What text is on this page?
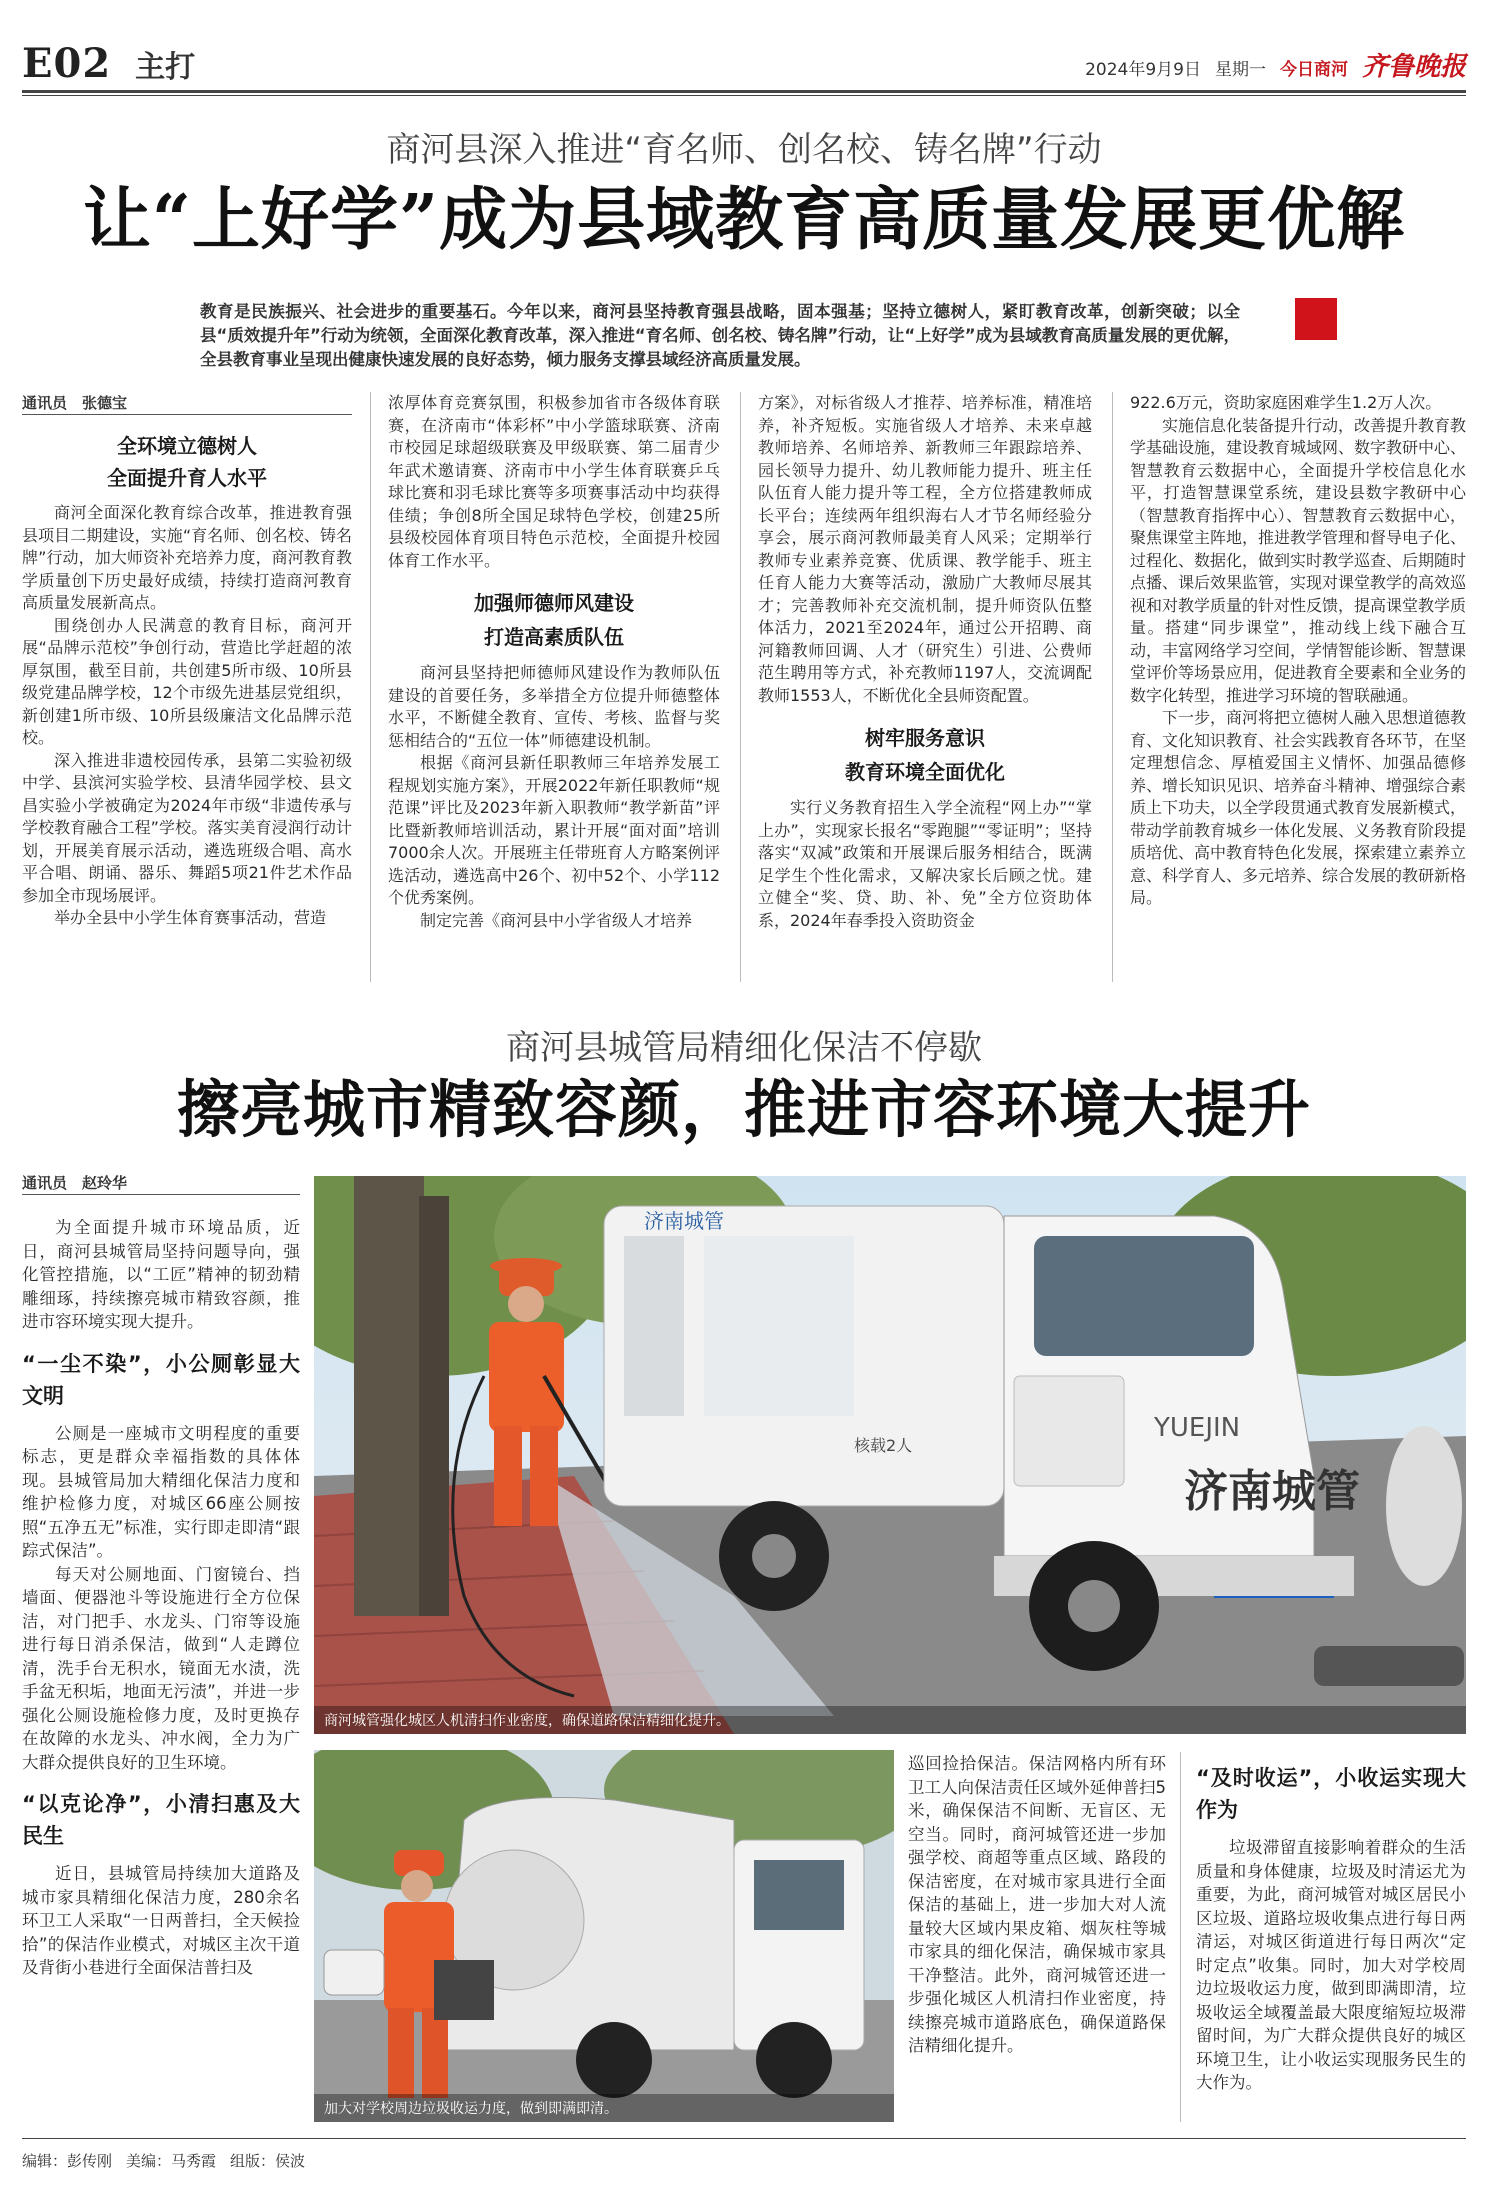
E02 主打	2024年9月9日 星期一 今日商河 齐鲁晚报
商河县深入推进“育名师、创名校、铸名牌”行动
让“上好学”成为县域教育高质量发展更优解
教育是民族振兴、社会进步的重要基石。今年以来，商河县坚持教育强县战略，固本强基；坚持立德树人，紧盯教育改革，创新突破；以全县“质效提升年”行动为统领，全面深化教育改革，深入推进“育名师、创名校、铸名牌”行动，让“上好学”成为县域教育高质量发展的更优解，全县教育事业呈现出健康快速发展的良好态势，倾力服务支撑县域经济高质量发展。
通讯员　张德宝
全环境立德树人
全面提升育人水平

商河全面深化教育综合改革，推进教育强县项目二期建设，实施“育名师、创名校、铸名牌”行动，加大师资补充培养力度，商河教育教学质量创下历史最好成绩，持续打造商河教育高质量发展新高点。

围绕创办人民满意的教育目标，商河开展“品牌示范校”争创行动，营造比学赶超的浓厚氛围，截至目前，共创建5所市级、10所县级党建品牌学校，12个市级先进基层党组织，新创建1所市级、10所县级廉洁文化品牌示范校。

深入推进非遗校园传承，县第二实验初级中学、县滨河实验学校、县清华园学校、县文昌实验小学被确定为2024年市级“非遗传承与学校教育融合工程”学校。落实美育浸润行动计划，开展美育展示活动，遴选班级合唱、高水平合唱、朗诵、器乐、舞蹈5项21件艺术作品参加全市现场展评。

举办全县中小学生体育赛事活动，营造

浓厚体育竞赛氛围，积极参加省市各级体育联赛，在济南市“体彩杯”中小学篮球联赛、济南市校园足球超级联赛及甲级联赛、第二届青少年武术邀请赛、济南市中小学生体育联赛乒乓球比赛和羽毛球比赛等多项赛事活动中均获得佳绩；争创8所全国足球特色学校，创建25所县级校园体育项目特色示范校，全面提升校园体育工作水平。

加强师德师风建设
打造高素质队伍

商河县坚持把师德师风建设作为教师队伍建设的首要任务，多举措全方位提升师德整体水平，不断健全教育、宣传、考核、监督与奖惩相结合的“五位一体”师德建设机制。

根据《商河县新任职教师三年培养发展工程规划实施方案》，开展2022年新任职教师“规范课”评比及2023年新入职教师“教学新苗”评比暨新教师培训活动，累计开展“面对面”培训7000余人次。开展班主任带班育人方略案例评选活动，遴选高中26个、初中52个、小学112个优秀案例。

制定完善《商河县中小学省级人才培养

方案》，对标省级人才推荐、培养标准，精准培养，补齐短板。实施省级人才培养、未来卓越教师培养、名师培养、新教师三年跟踪培养、园长领导力提升、幼儿教师能力提升、班主任队伍育人能力提升等工程，全方位搭建教师成长平台；连续两年组织海右人才节名师经验分享会，展示商河教师最美育人风采；定期举行教师专业素养竞赛、优质课、教学能手、班主任育人能力大赛等活动，激励广大教师尽展其才；完善教师补充交流机制，提升师资队伍整体活力，2021至2024年，通过公开招聘、商河籍教师回调、人才（研究生）引进、公费师范生聘用等方式，补充教师1197人，交流调配教师1553人，不断优化全县师资配置。

树牢服务意识
教育环境全面优化

实行义务教育招生入学全流程“网上办”“掌上办”，实现家长报名“零跑腿”“零证明”；坚持落实“双减”政策和开展课后服务相结合，既满足学生个性化需求，又解决家长后顾之忧。建立健全“奖、贷、助、补、免”全方位资助体系，2024年春季投入资助资金

922.6万元，资助家庭困难学生1.2万人次。

实施信息化装备提升行动，改善提升教育教学基础设施，建设教育城域网、数字教研中心、智慧教育云数据中心，全面提升学校信息化水平，打造智慧课堂系统，建设县数字教研中心（智慧教育指挥中心）、智慧教育云数据中心，聚焦课堂主阵地，推进教学管理和督导电子化、过程化、数据化，做到实时教学巡查、后期随时点播、课后效果监管，实现对课堂教学的高效巡视和对教学质量的针对性反馈，提高课堂教学质量。搭建“同步课堂”，推动线上线下融合互动，丰富网络学习空间，学情智能诊断、智慧课堂评价等场景应用，促进教育全要素和全业务的数字化转型，推进学习环境的智联融通。

下一步，商河将把立德树人融入思想道德教育、文化知识教育、社会实践教育各环节，在坚定理想信念、厚植爱国主义情怀、加强品德修养、增长知识见识、培养奋斗精神、增强综合素质上下功夫，以全学段贯通式教育发展新模式，带动学前教育城乡一体化发展、义务教育阶段提质培优、高中教育特色化发展，探索建立素养立意、科学育人、多元培养、综合发展的教研新格局。

商河县城管局精细化保洁不停歇
擦亮城市精致容颜，推进市容环境大提升
通讯员　赵玲华

为全面提升城市环境品质，近日，商河县城管局坚持问题导向，强化管控措施，以“工匠”精神的韧劲精雕细琢，持续擦亮城市精致容颜，推进市容环境实现大提升。

“一尘不染”，小公厕彰显大文明

公厕是一座城市文明程度的重要标志，更是群众幸福指数的具体体现。县城管局加大精细化保洁力度和维护检修力度，对城区66座公厕按照“五净五无”标准，实行即走即清“跟踪式保洁”。

每天对公厕地面、门窗镜台、挡墙面、便器池斗等设施进行全方位保洁，对门把手、水龙头、门帘等设施进行每日消杀保洁，做到“人走蹲位清，洗手台无积水，镜面无水渍，洗手盆无积垢，地面无污渍”，并进一步强化公厕设施检修力度，及时更换存在故障的水龙头、冲水阀，全力为广大群众提供良好的卫生环境。

“以克论净”，小清扫惠及大民生

近日，县城管局持续加大道路及城市家具精细化保洁力度，280余名环卫工人采取“一日两普扫，全天候捡拾”的保洁作业模式，对城区主次干道及背街小巷进行全面保洁普扫及

济南城管
YUEJIN
济南城管
核载2人
商河城管强化城区人机清扫作业密度，确保道路保洁精细化提升。
加大对学校周边垃圾收运力度，做到即满即清。

巡回捡拾保洁。保洁网格内所有环卫工人向保洁责任区域外延伸普扫5米，确保保洁不间断、无盲区、无空当。同时，商河城管还进一步加强学校、商超等重点区域、路段的保洁密度，在对城市家具进行全面保洁的基础上，进一步加大对人流量较大区域内果皮箱、烟灰柱等城市家具的细化保洁，确保城市家具干净整洁。此外，商河城管还进一步强化城区人机清扫作业密度，持续擦亮城市道路底色，确保道路保洁精细化提升。

“及时收运”，小收运实现大作为

垃圾滞留直接影响着群众的生活质量和身体健康，垃圾及时清运尤为重要，为此，商河城管对城区居民小区垃圾、道路垃圾收集点进行每日两清运，对城区街道进行每日两次“定时定点”收集。同时，加大对学校周边垃圾收运力度，做到即满即清，垃圾收运全域覆盖最大限度缩短垃圾滞留时间，为广大群众提供良好的城区环境卫生，让小收运实现服务民生的大作为。

编辑：彭传刚 美编：马秀霞 组版：侯波
